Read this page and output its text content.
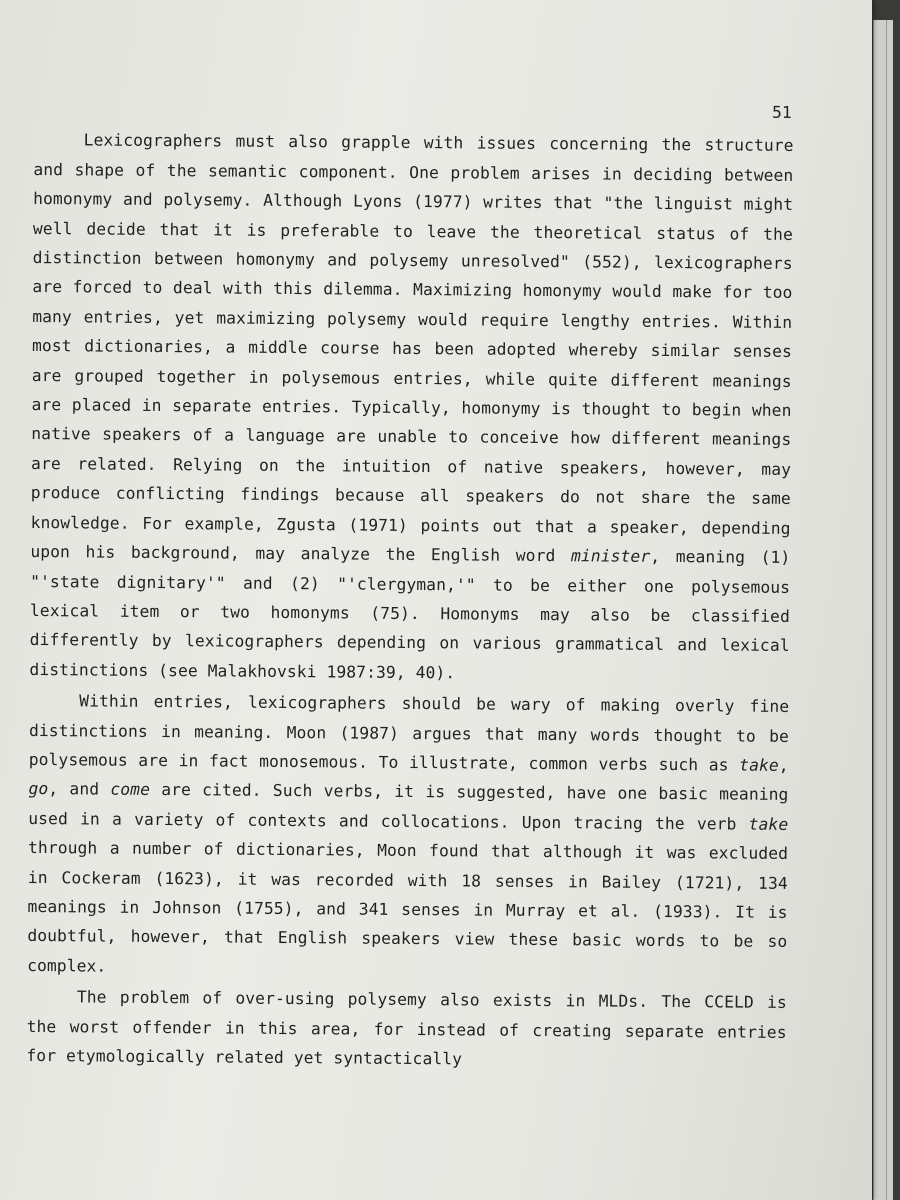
51

Lexicographers must also grapple with issues concerning the structure and shape of the semantic component. One problem arises in deciding between homonymy and polysemy. Although Lyons (1977) writes that "the linguist might well decide that it is preferable to leave the theoretical status of the distinction between homonymy and polysemy unresolved" (552), lexicographers are forced to deal with this dilemma. Maximizing homonymy would make for too many entries, yet maximizing polysemy would require lengthy entries. Within most dictionaries, a middle course has been adopted whereby similar senses are grouped together in polysemous entries, while quite different meanings are placed in separate entries. Typically, homonymy is thought to begin when native speakers of a language are unable to conceive how different meanings are related. Relying on the intuition of native speakers, however, may produce conflicting findings because all speakers do not share the same knowledge. For example, Zgusta (1971) points out that a speaker, depending upon his background, may analyze the English word minister, meaning (1) "'state dignitary'" and (2) "'clergyman,'" to be either one polysemous lexical item or two homonyms (75). Homonyms may also be classified differently by lexicographers depending on various grammatical and lexical distinctions (see Malakhovski 1987:39, 40).

Within entries, lexicographers should be wary of making overly fine distinctions in meaning. Moon (1987) argues that many words thought to be polysemous are in fact monosemous. To illustrate, common verbs such as take, go, and come are cited. Such verbs, it is suggested, have one basic meaning used in a variety of contexts and collocations. Upon tracing the verb take through a number of dictionaries, Moon found that although it was excluded in Cockeram (1623), it was recorded with 18 senses in Bailey (1721), 134 meanings in Johnson (1755), and 341 senses in Murray et al. (1933). It is doubtful, however, that English speakers view these basic words to be so complex.

The problem of over-using polysemy also exists in MLDs. The CCELD is the worst offender in this area, for instead of creating separate entries for etymologically related yet syntactically
